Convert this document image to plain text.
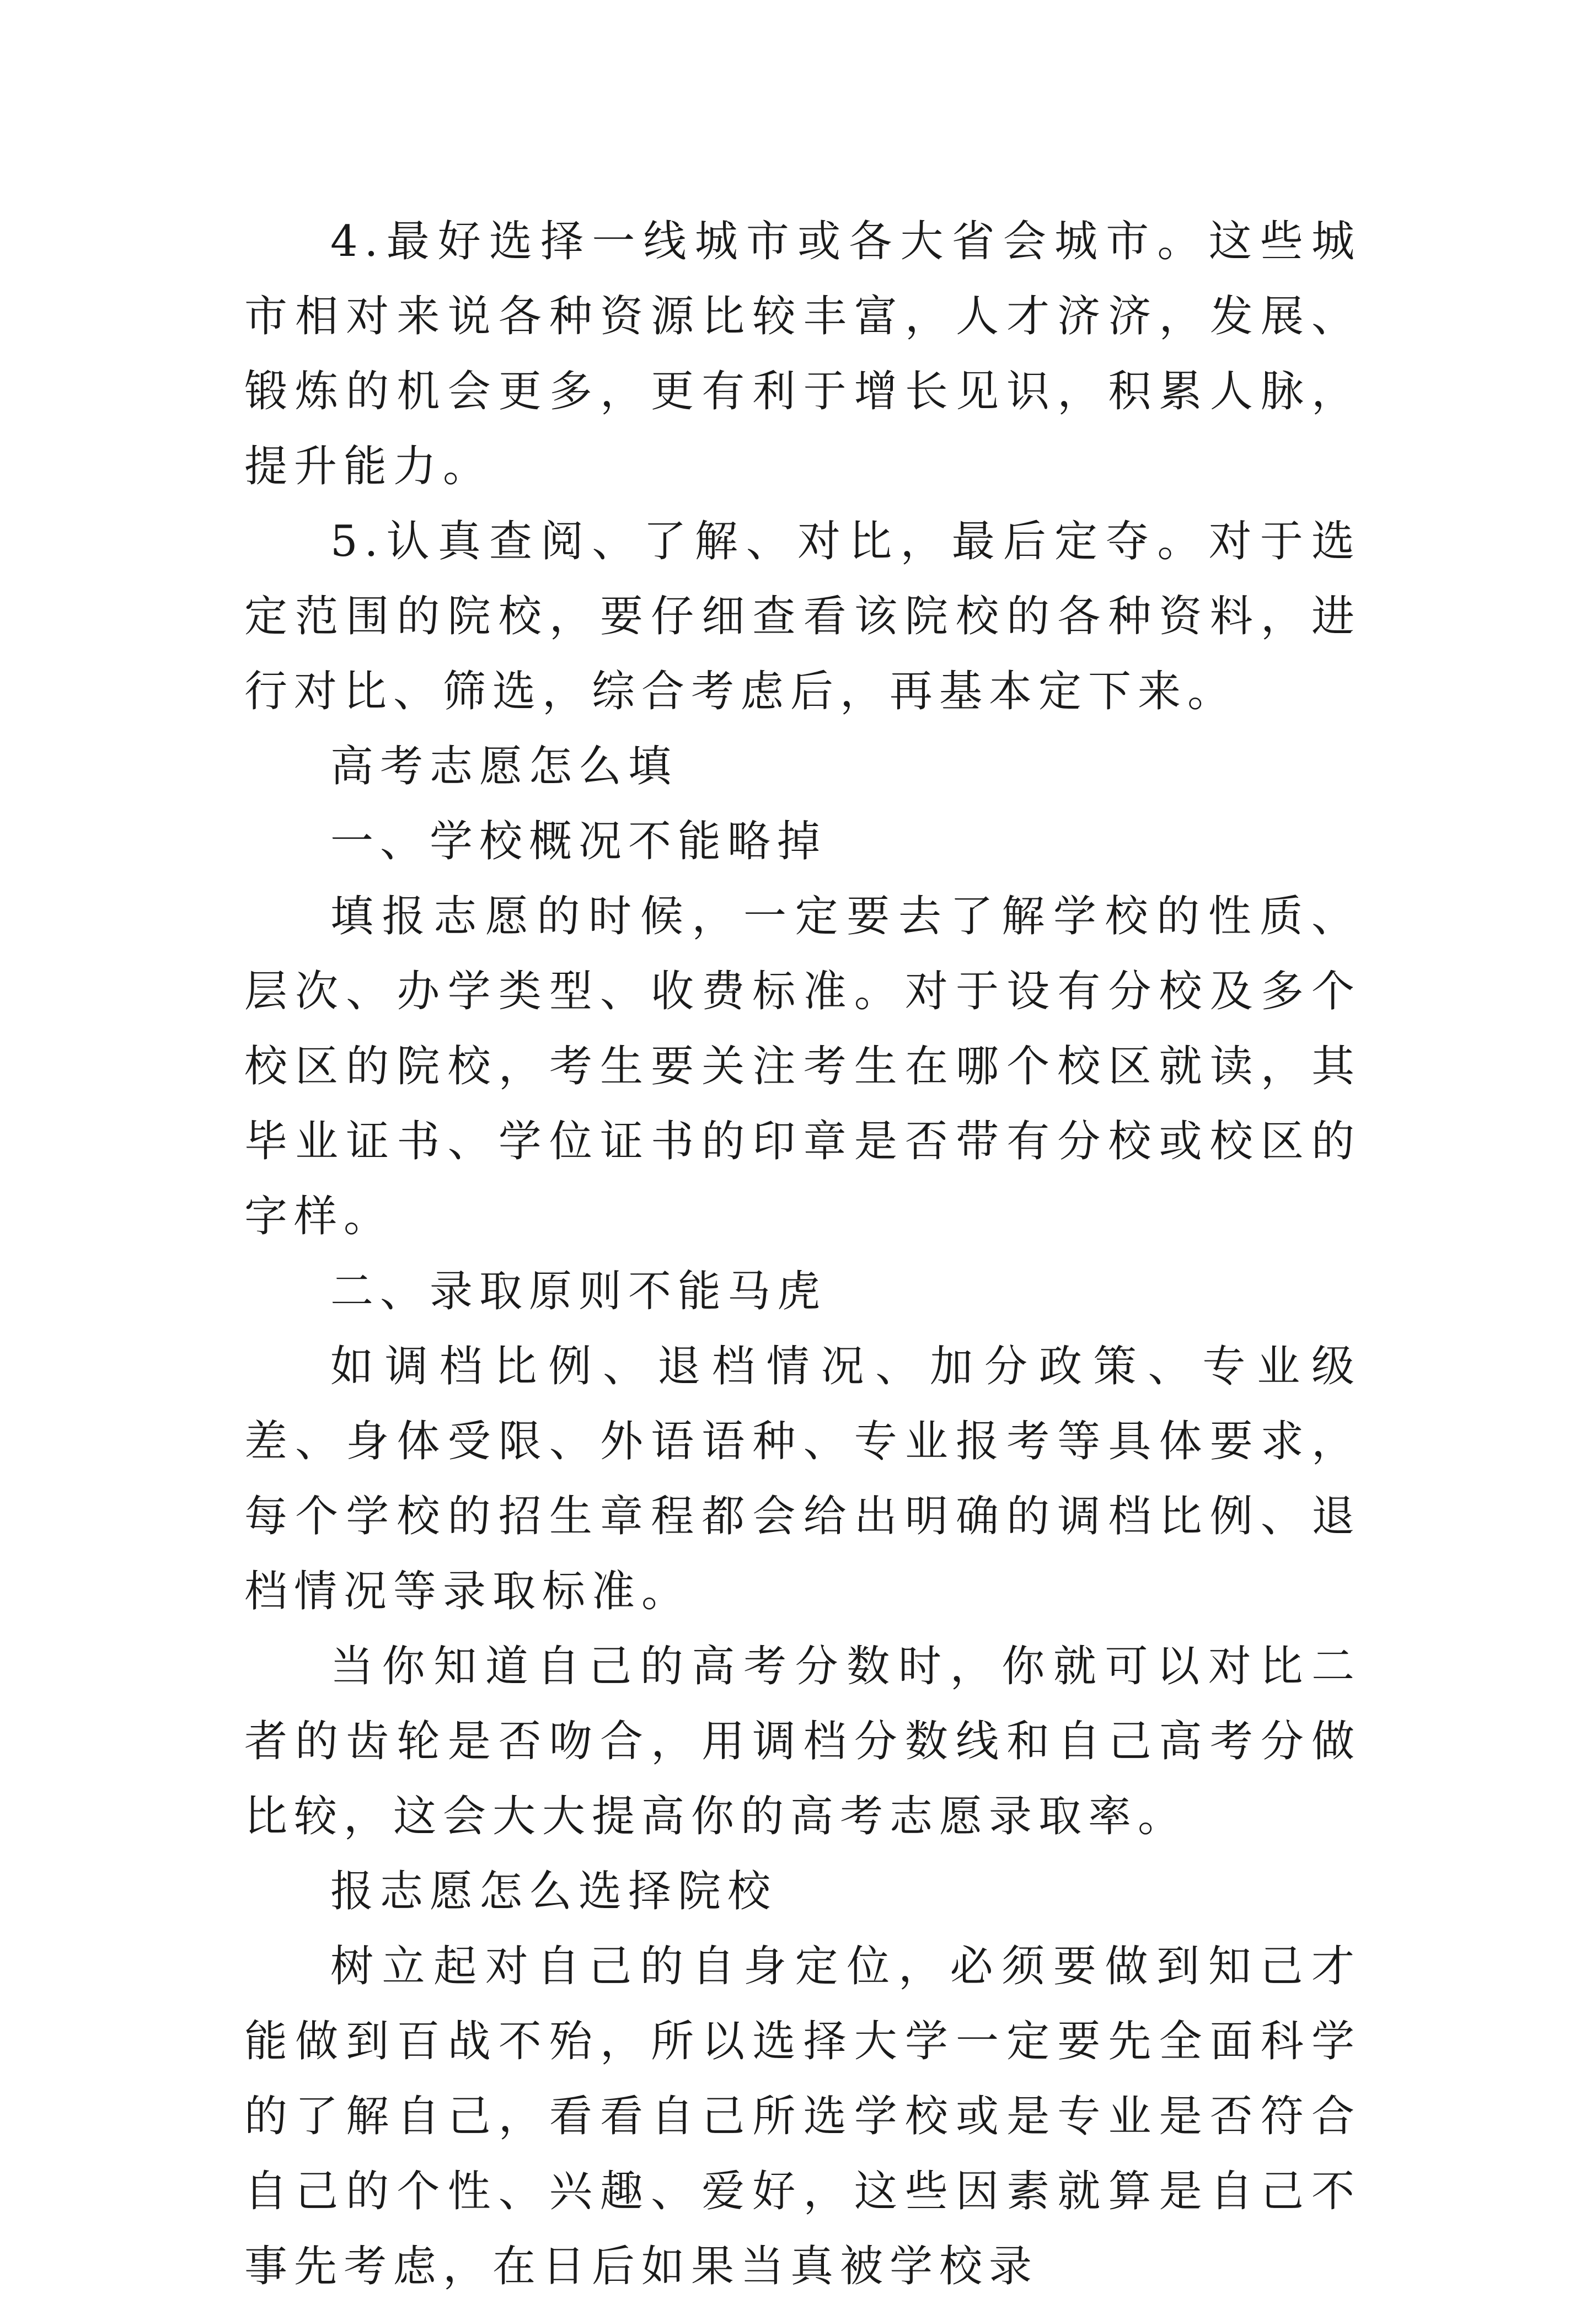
4.最好选择一线城市或各大省会城市。这些城市相对来说各种资源比较丰富，人才济济，发展、锻炼的机会更多，更有利于增长见识，积累人脉，提升能力。

5.认真查阅、了解、对比，最后定夺。对于选定范围的院校，要仔细查看该院校的各种资料，进行对比、筛选，综合考虑后，再基本定下来。

高考志愿怎么填

一、学校概况不能略掉

填报志愿的时候，一定要去了解学校的性质、层次、办学类型、收费标准。对于设有分校及多个校区的院校，考生要关注考生在哪个校区就读，其毕业证书、学位证书的印章是否带有分校或校区的字样。

二、录取原则不能马虎

如调档比例、退档情况、加分政策、专业级差、身体受限、外语语种、专业报考等具体要求，每个学校的招生章程都会给出明确的调档比例、退档情况等录取标准。

当你知道自己的高考分数时，你就可以对比二者的齿轮是否吻合，用调档分数线和自己高考分做比较，这会大大提高你的高考志愿录取率。

报志愿怎么选择院校

树立起对自己的自身定位，必须要做到知己才能做到百战不殆，所以选择大学一定要先全面科学的了解自己，看看自己所选学校或是专业是否符合自己的个性、兴趣、爱好，这些因素就算是自己不事先考虑，在日后如果当真被学校录
